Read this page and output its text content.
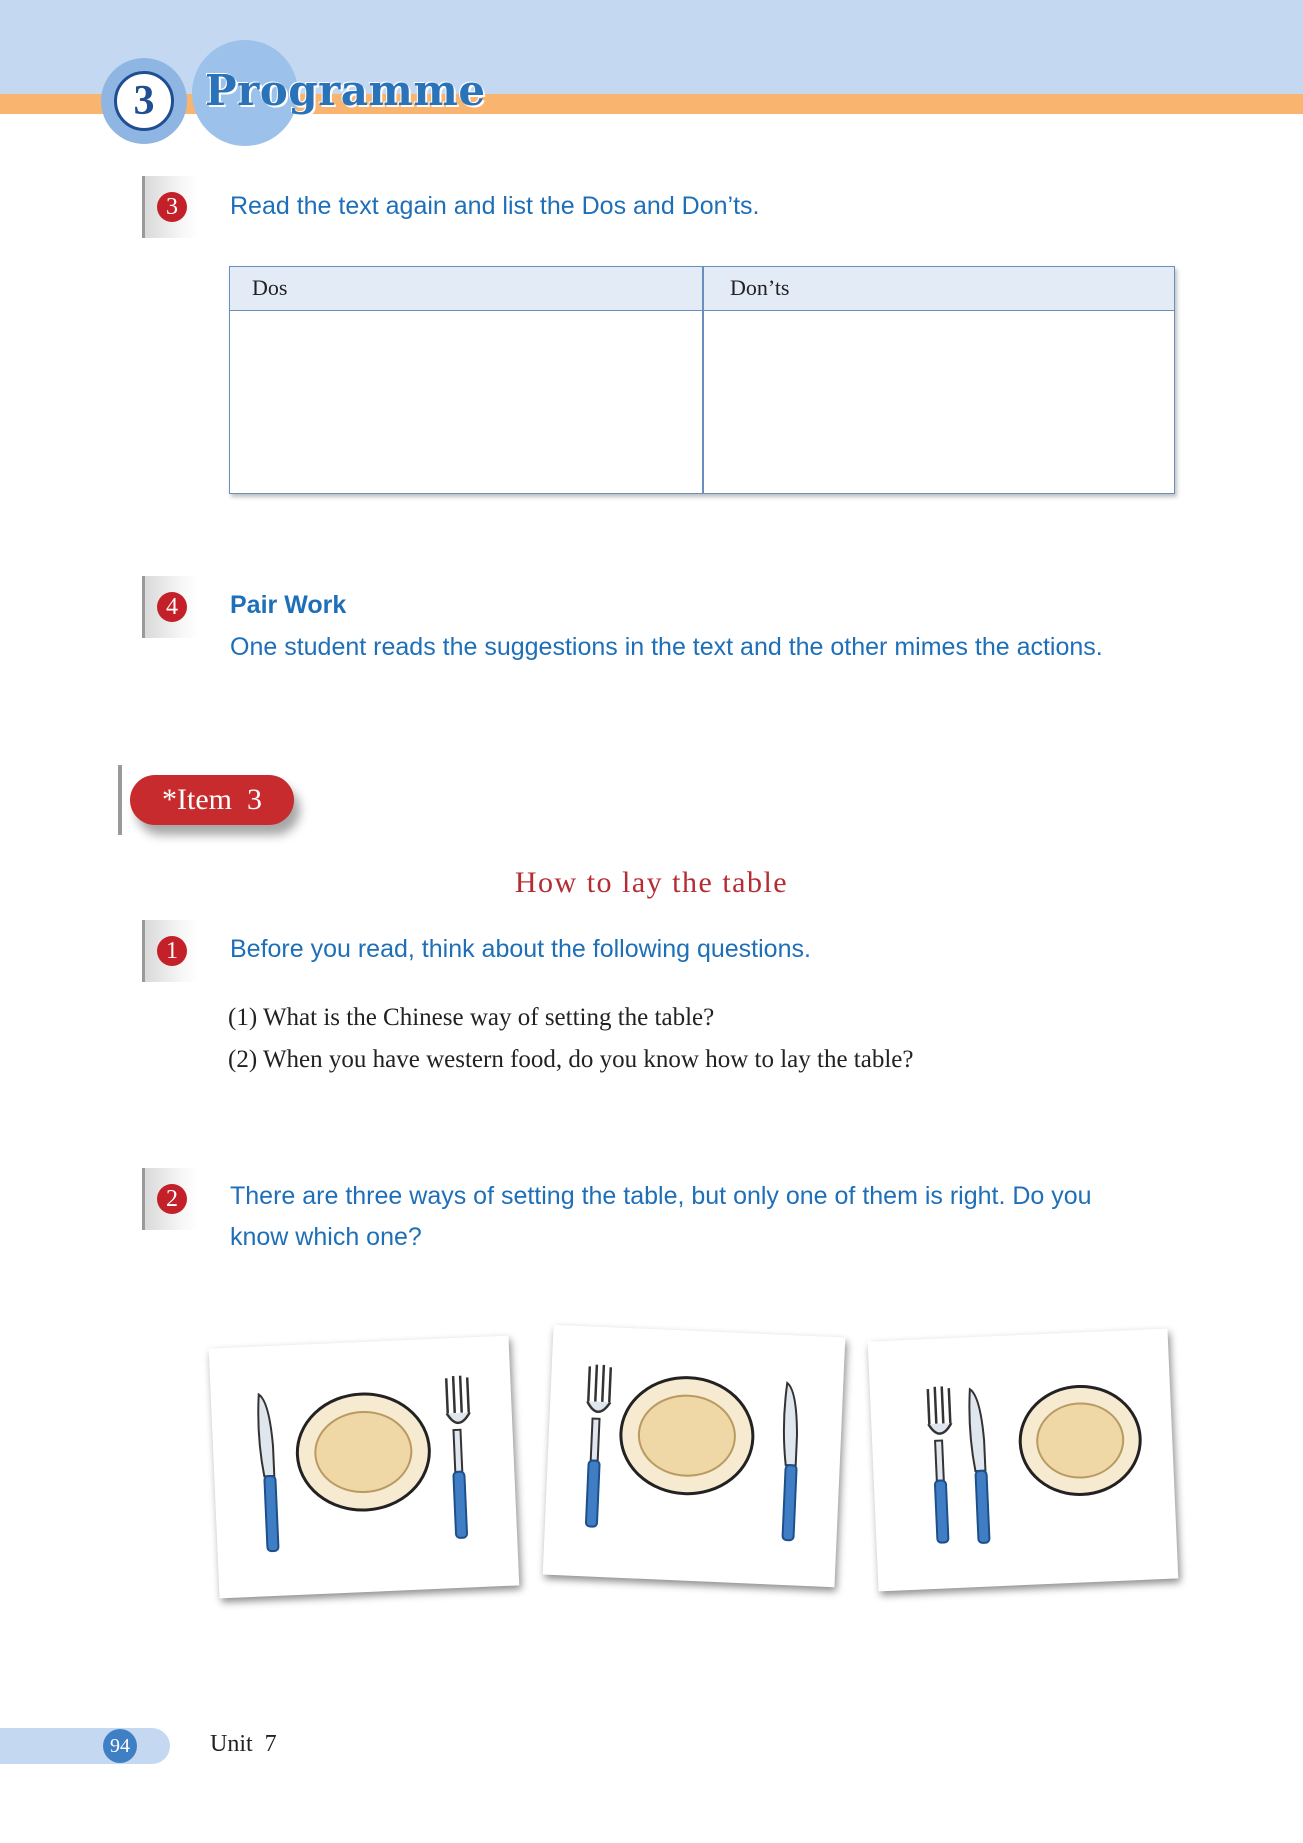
3	Programme
3	Read the text again and list the Dos and Don’ts.
Dos	Don’ts
4	Pair Work
One student reads the suggestions in the text and the other mimes the actions.
*Item  3
How to lay the table
1	Before you read, think about the following questions.
(1) What is the Chinese way of setting the table?
(2) When you have western food, do you know how to lay the table?
2	There are three ways of setting the table, but only one of them is right. Do you
know which one?
94	Unit  7
